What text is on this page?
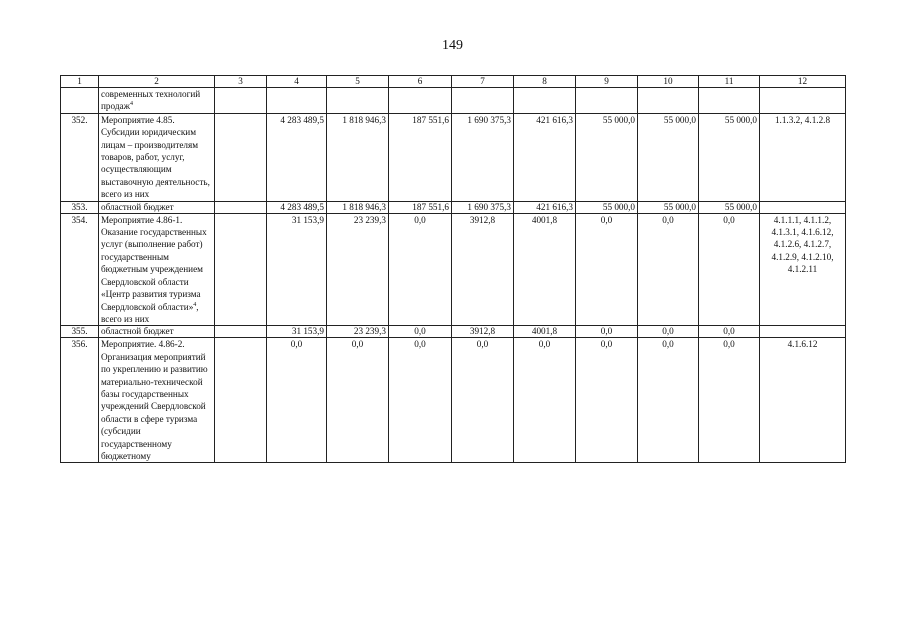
149
1	2	3	4	5	6	7	8	9	10	11	12
	современных технологий продаж$^4$										
352.	Мероприятие 4.85. Субсидии юридическим лицам – производителям товаров, работ, услуг, осуществляющим выставочную деятельность, всего из них		4 283 489,5	1 818 946,3	187 551,6	1 690 375,3	421 616,3	55 000,0	55 000,0	55 000,0	1.1.3.2, 4.1.2.8
353.	областной бюджет		4 283 489,5	1 818 946,3	187 551,6	1 690 375,3	421 616,3	55 000,0	55 000,0	55 000,0	
354.	Мероприятие 4.86-1. Оказание государственных услуг (выполнение работ) государственным бюджетным учреждением Свердловской области «Центр развития туризма Свердловской области»$^4$, всего из них		31 153,9	23 239,3	0,0	3912,8	4001,8	0,0	0,0	0,0	4.1.1.1, 4.1.1.2, 4.1.3.1, 4.1.6.12, 4.1.2.6, 4.1.2.7, 4.1.2.9, 4.1.2.10, 4.1.2.11
355.	областной бюджет		31 153,9	23 239,3	0,0	3912,8	4001,8	0,0	0,0	0,0	
356.	Мероприятие. 4.86-2. Организация мероприятий по укреплению и развитию материально-технической базы государственных учреждений Свердловской области в сфере туризма (субсидии государственному бюджетному		0,0	0,0	0,0	0,0	0,0	0,0	0,0	0,0	4.1.6.12
